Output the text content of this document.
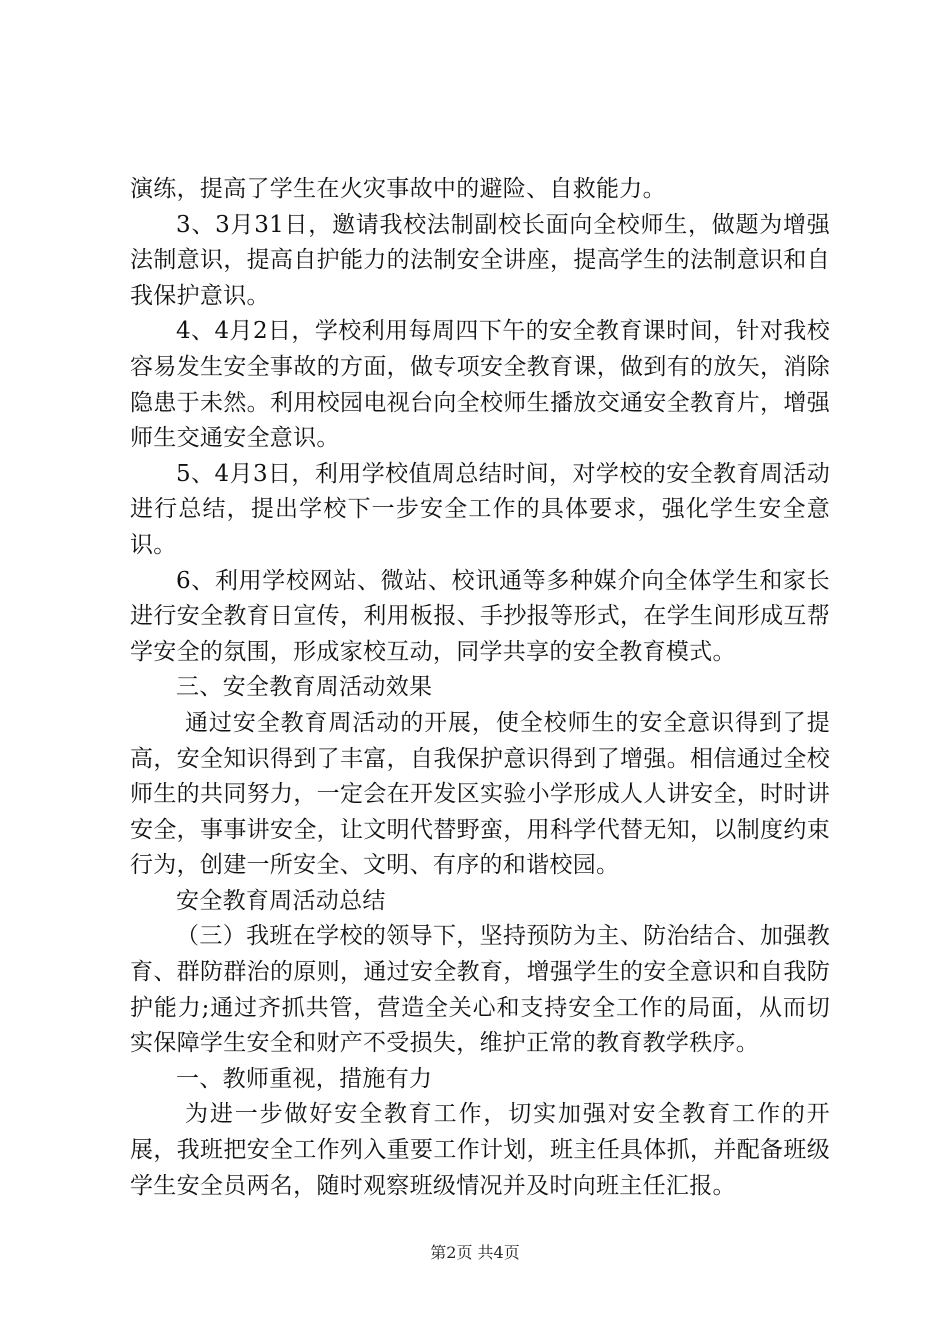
演练，提高了学生在火灾事故中的避险、自救能力。

3、3月31日，邀请我校法制副校长面向全校师生，做题为增强法制意识，提高自护能力的法制安全讲座，提高学生的法制意识和自我保护意识。

4、4月2日，学校利用每周四下午的安全教育课时间，针对我校容易发生安全事故的方面，做专项安全教育课，做到有的放矢，消除隐患于未然。利用校园电视台向全校师生播放交通安全教育片，增强师生交通安全意识。

5、4月3日，利用学校值周总结时间，对学校的安全教育周活动进行总结，提出学校下一步安全工作的具体要求，强化学生安全意识。

6、利用学校网站、微站、校讯通等多种媒介向全体学生和家长进行安全教育日宣传，利用板报、手抄报等形式，在学生间形成互帮学安全的氛围，形成家校互动，同学共享的安全教育模式。

三、安全教育周活动效果

通过安全教育周活动的开展，使全校师生的安全意识得到了提高，安全知识得到了丰富，自我保护意识得到了增强。相信通过全校师生的共同努力，一定会在开发区实验小学形成人人讲安全，时时讲安全，事事讲安全，让文明代替野蛮，用科学代替无知，以制度约束行为，创建一所安全、文明、有序的和谐校园。

安全教育周活动总结

（三）我班在学校的领导下，坚持预防为主、防治结合、加强教育、群防群治的原则，通过安全教育，增强学生的安全意识和自我防护能力;通过齐抓共管，营造全关心和支持安全工作的局面，从而切实保障学生安全和财产不受损失，维护正常的教育教学秩序。

一、教师重视，措施有力

为进一步做好安全教育工作，切实加强对安全教育工作的开展，我班把安全工作列入重要工作计划，班主任具体抓，并配备班级学生安全员两名，随时观察班级情况并及时向班主任汇报。

第2页 共4页
